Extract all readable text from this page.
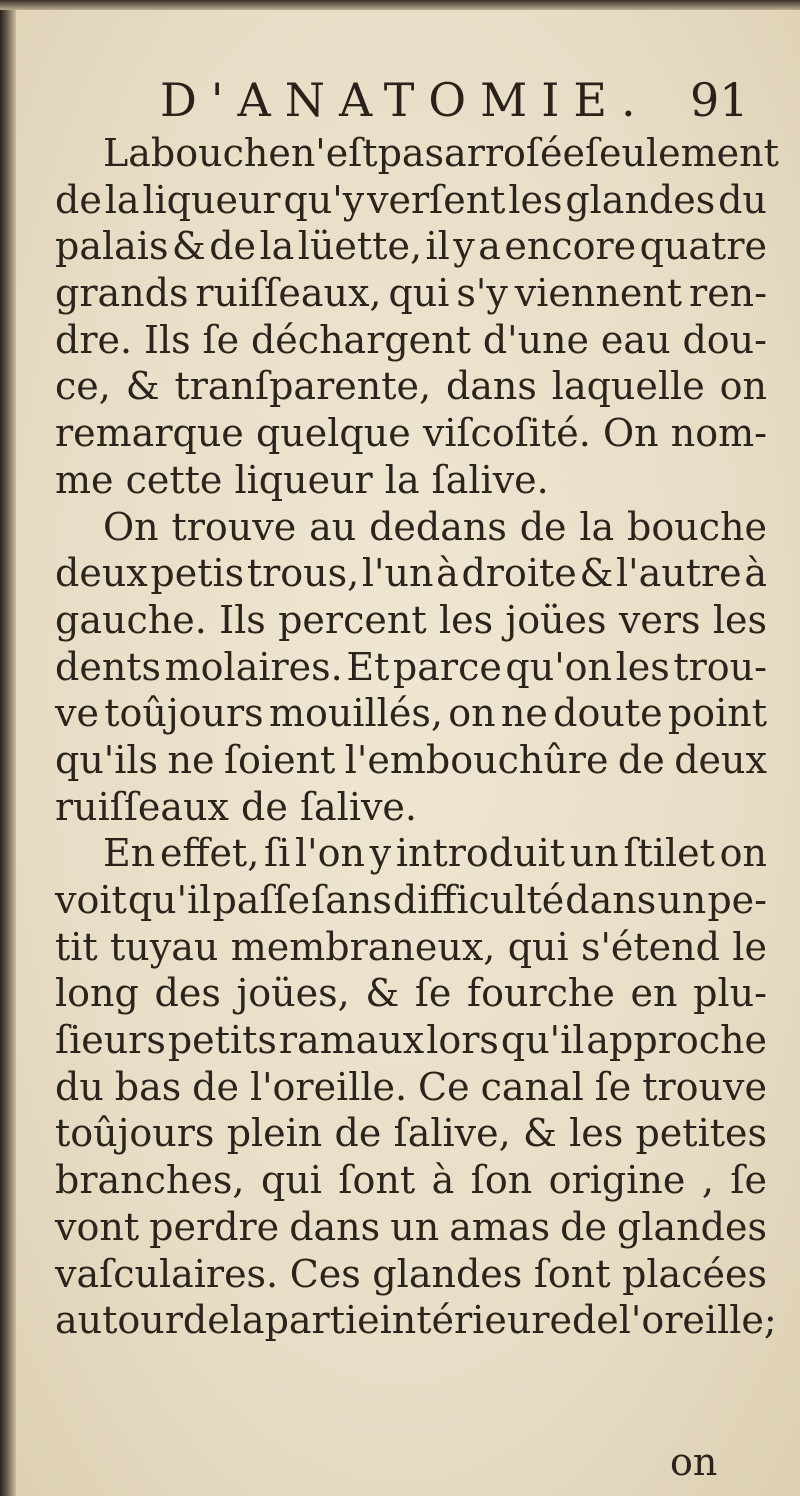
D'ANATOMIE. 91
La bouche n'eſt pas arroſée ſeulement
de la liqueur qu'y verſent les glandes du
palais & de la lüette, il y a encore quatre
grands ruiſſeaux, qui s'y viennent ren-
dre. Ils ſe déchargent d'une eau dou-
ce, & tranſparente, dans laquelle on
remarque quelque viſcoſité. On nom-
me cette liqueur la ſalive.
On trouve au dedans de la bouche
deux petis trous, l'un à droite & l'autre à
gauche. Ils percent les joües vers les
dents molaires. Et parce qu'on les trou-
ve toûjours mouillés, on ne doute point
qu'ils ne ſoient l'embouchûre de deux
ruiſſeaux de ſalive.
En effet, ſi l'on y introduit un ſtilet on
voit qu'il paſſe ſans difficulté dans un pe-
tit tuyau membraneux, qui s'étend le
long des joües, & ſe fourche en plu-
ſieurs petits ramaux lors qu'il approche
du bas de l'oreille. Ce canal ſe trouve
toûjours plein de ſalive, & les petites
branches, qui ſont à ſon origine , ſe
vont perdre dans un amas de glandes
vaſculaires. Ces glandes ſont placées
autour de la partie intérieure de l'oreille;
on
